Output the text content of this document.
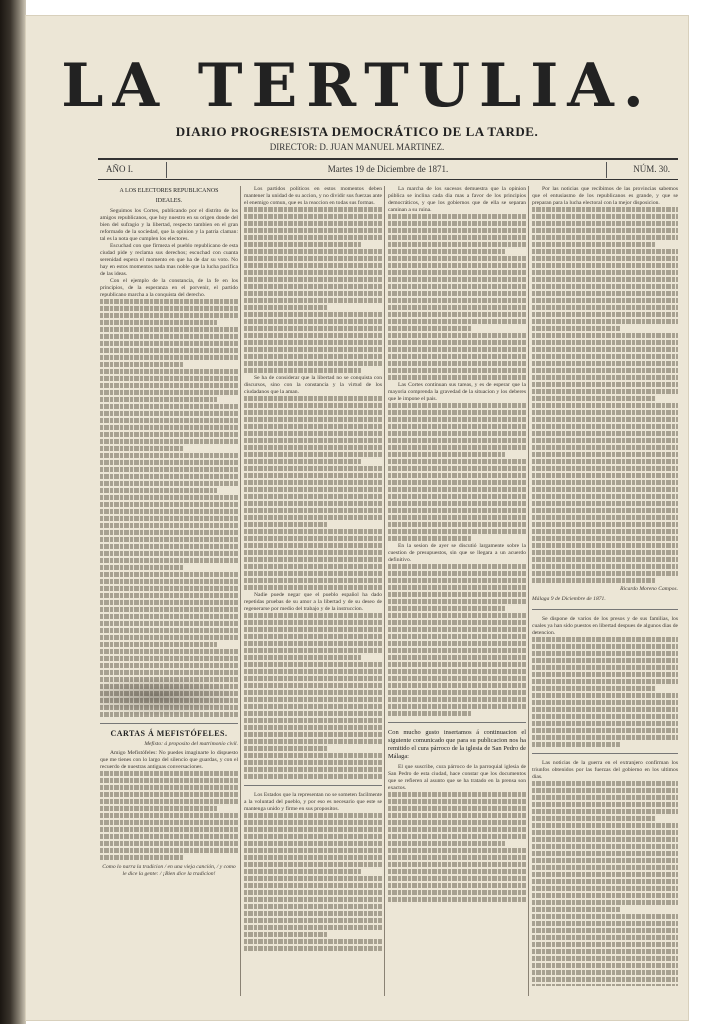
LA TERTULIA.
DIARIO PROGRESISTA DEMOCRÁTICO DE LA TARDE.
DIRECTOR: D. JUAN MANUEL MARTINEZ.
AÑO I.	Martes 19 de Diciembre de 1871.	NÚM. 30.
A LOS ELECTORES REPUBLICANOS
IDEALES.

Seguimos los Cortes, publicando por el distrito de los amigos republicanos, que hoy nuestro en su origen donde del bien del sufragio y la libertad, respecto tambien en el gran reformado de la sociedad, que la opinion y la patria claman: tal es la nota que cumplen los electores.

Escuchad con que firmeza el pueblo republicano de esta ciudad pide y reclama sus derechos; escuchad con cuanta serenidad espera el momento en que ha de dar su voto. No hay en estos momentos nada mas noble que la lucha pacifica de las ideas.

Con el ejemplo de la constancia, de la fe en los principios, de la esperanza en el porvenir, el partido republicano marcha a la conquista del derecho.

CARTAS Á MEFISTÓFELES.
Mefisto: á proposito del matrimonio civil.

Amigo Mefistófeles: No puedes imaginarte lo dispuesto que me tienes con lo largo del silencio que guardas, y con el recuerdo de nuestras antiguas conversaciones.

Como lo narra la tradicion / en una vieja canción, / y como le dice la gente: / ¡Bien dice la tradicion!

Los partidos políticos en estos momentos deben mantener la unidad de su accion, y no dividir sus fuerzas ante el enemigo comun, que es la reaccion en todas sus formas.

Se ha de considerar que la libertad no se conquista con discursos, sino con la constancia y la virtud de los ciudadanos que la aman.

Nadie puede negar que el pueblo español ha dado repetidas pruebas de su amor a la libertad y de su deseo de regenerarse por medio del trabajo y de la instruccion.

Los Estados que la representan no se someten facilmente a la voluntad del pueblo, y por eso es necesario que este se mantenga unido y firme en sus propositos.

La marcha de los sucesos demuestra que la opinion pública se inclina cada dia mas a favor de los principios democráticos, y que los gobiernos que de ella se separan caminan a su ruina.

Las Cortes continuan sus tareas, y es de esperar que la mayoria comprenda la gravedad de la situacion y los deberes que le impone el pais.

En la sesion de ayer se discutió largamente sobre la cuestion de presupuestos, sin que se llegara a un acuerdo definitivo.

Con mucho gusto insertamos á continuacion el siguiente comunicado que para su publicacion nos ha remitido el cura párroco de la iglesia de San Pedro de Málaga:

El que suscribe, cura párroco de la parroquial iglesia de San Pedro de esta ciudad, hace constar que los documentos que se refieren al asunto que se ha tratado en la prensa son exactos.

Por las noticias que recibimos de las provincias sabemos que el entusiasmo de los republicanos es grande, y que se preparan para la lucha electoral con la mejor disposicion.

Ricardo Moreno Campos.
Málaga 9 de Diciembre de 1871.

Se dispone de varios de los presos y de sus familias, los cuales ya han sido puestos en libertad despues de algunos dias de detencion.

Las noticias de la guerra en el extranjero confirman los triunfos obtenidos por las fuerzas del gobierno en los ultimos dias.
